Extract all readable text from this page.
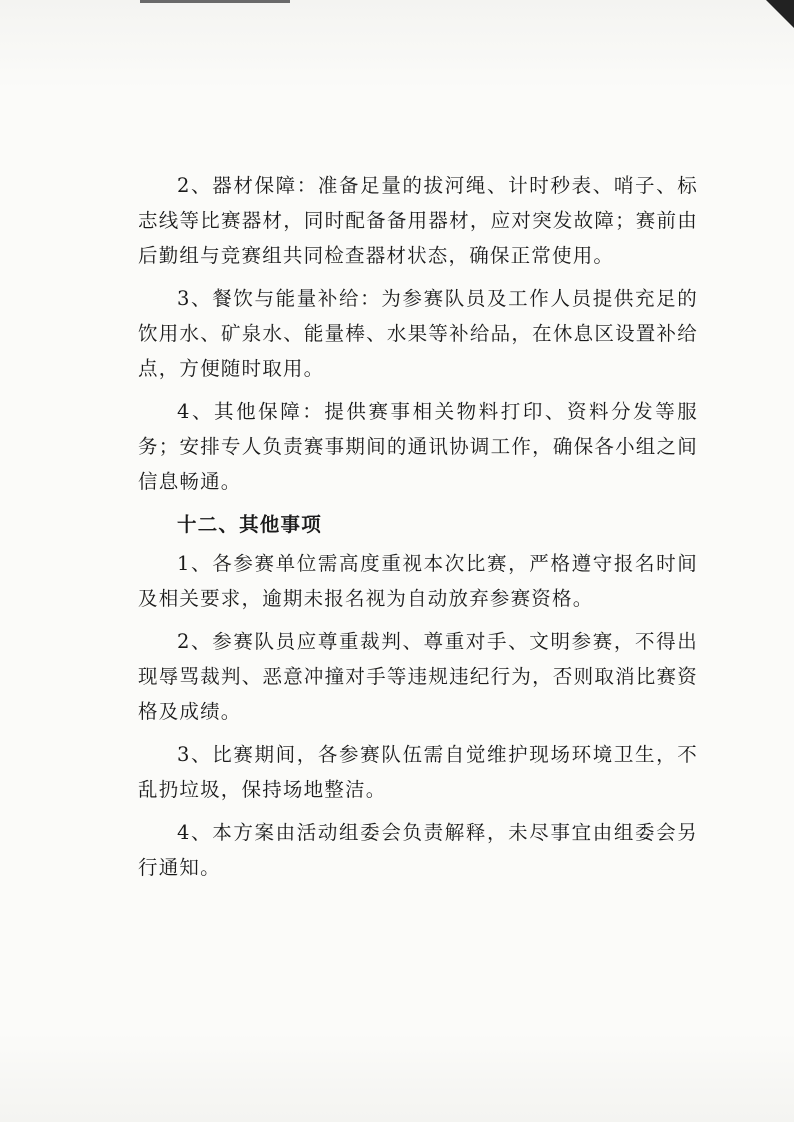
2、器材保障：准备足量的拔河绳、计时秒表、哨子、标志线等比赛器材，同时配备备用器材，应对突发故障；赛前由后勤组与竞赛组共同检查器材状态，确保正常使用。

3、餐饮与能量补给：为参赛队员及工作人员提供充足的饮用水、矿泉水、能量棒、水果等补给品，在休息区设置补给点，方便随时取用。

4、其他保障：提供赛事相关物料打印、资料分发等服务；安排专人负责赛事期间的通讯协调工作，确保各小组之间信息畅通。

十二、其他事项

1、各参赛单位需高度重视本次比赛，严格遵守报名时间及相关要求，逾期未报名视为自动放弃参赛资格。

2、参赛队员应尊重裁判、尊重对手、文明参赛，不得出现辱骂裁判、恶意冲撞对手等违规违纪行为，否则取消比赛资格及成绩。

3、比赛期间，各参赛队伍需自觉维护现场环境卫生，不乱扔垃圾，保持场地整洁。

4、本方案由活动组委会负责解释，未尽事宜由组委会另行通知。
